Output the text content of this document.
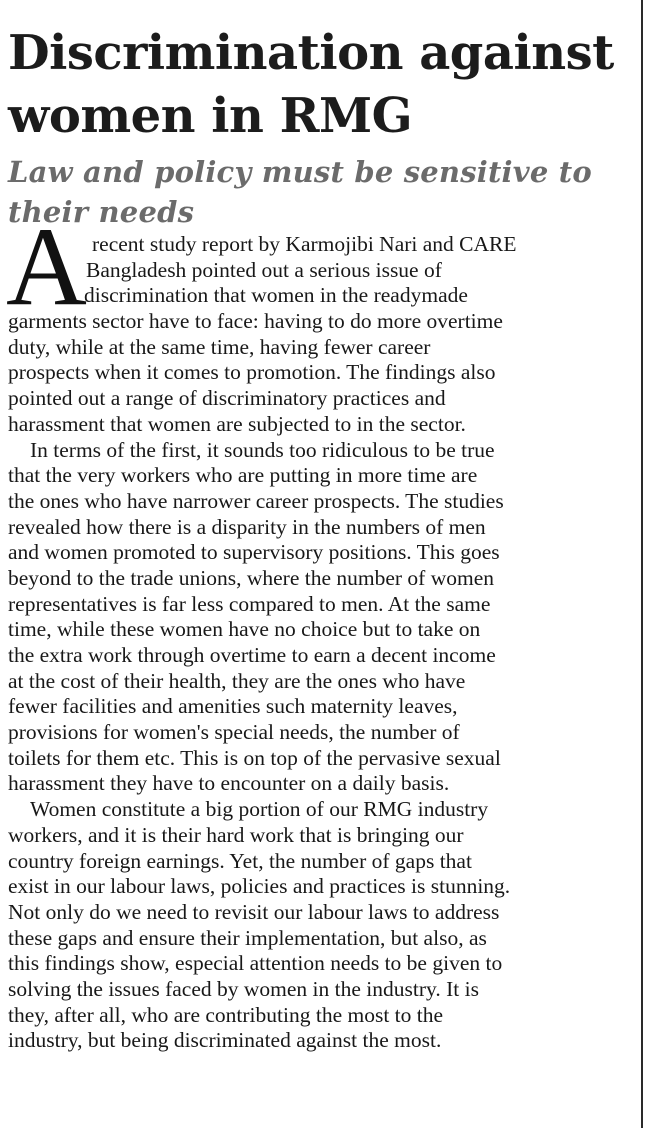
Discrimination against
women in RMG
Law and policy must be sensitive to
their needs
A recent study report by Karmojibi Nari and CARE
Bangladesh pointed out a serious issue of
discrimination that women in the readymade
garments sector have to face: having to do more overtime
duty, while at the same time, having fewer career
prospects when it comes to promotion. The findings also
pointed out a range of discriminatory practices and
harassment that women are subjected to in the sector.
In terms of the first, it sounds too ridiculous to be true
that the very workers who are putting in more time are
the ones who have narrower career prospects. The studies
revealed how there is a disparity in the numbers of men
and women promoted to supervisory positions. This goes
beyond to the trade unions, where the number of women
representatives is far less compared to men. At the same
time, while these women have no choice but to take on
the extra work through overtime to earn a decent income
at the cost of their health, they are the ones who have
fewer facilities and amenities such maternity leaves,
provisions for women's special needs, the number of
toilets for them etc. This is on top of the pervasive sexual
harassment they have to encounter on a daily basis.
Women constitute a big portion of our RMG industry
workers, and it is their hard work that is bringing our
country foreign earnings. Yet, the number of gaps that
exist in our labour laws, policies and practices is stunning.
Not only do we need to revisit our labour laws to address
these gaps and ensure their implementation, but also, as
this findings show, especial attention needs to be given to
solving the issues faced by women in the industry. It is
they, after all, who are contributing the most to the
industry, but being discriminated against the most.
